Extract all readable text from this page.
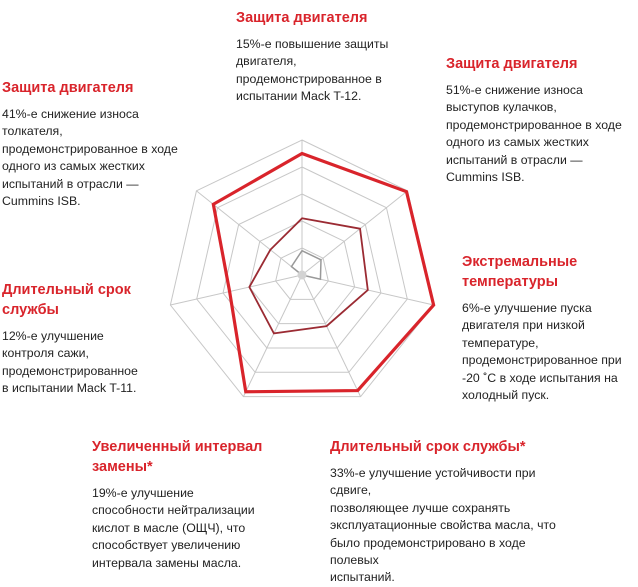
Защита двигателя
15%-е повышение защиты
двигателя,
продемонстрированное в
испытании Mack T-12.
Защита двигателя
51%-е снижение износа
выступов кулачков,
продемонстрированное в ходе
одного из самых жестких
испытаний в отрасли —
Cummins ISB.
Защита двигателя
41%-е снижение износа
толкателя,
продемонстрированное в ходе
одного из самых жестких
испытаний в отрасли —
Cummins ISB.
Экстремальные
температуры
6%-е улучшение пуска
двигателя при низкой
температуре,
продемонстрированное при
-20 ˚C в ходе испытания на
холодный пуск.
Длительный срок
службы
12%-е улучшение
контроля сажи,
продемонстрированное
в испытании Mack T-11.
Увеличенный интервал
замены*
19%-е улучшение
способности нейтрализации
кислот в масле (ОЩЧ), что
способствует увеличению
интервала замены масла.
Длительный срок службы*
33%-е улучшение устойчивости при сдвиге,
позволяющее лучше сохранять
эксплуатационные свойства масла, что
было продемонстрировано в ходе полевых
испытаний.
